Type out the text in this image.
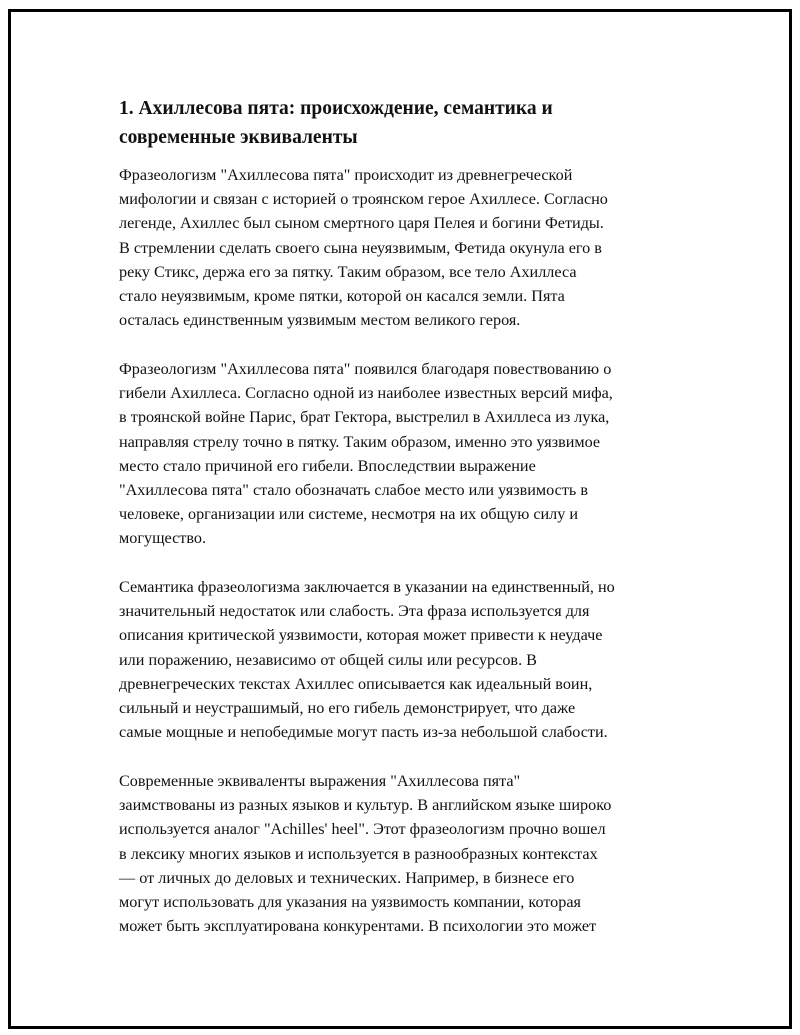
1. Ахиллесова пята: происхождение, семантика и
современные эквиваленты

Фразеологизм "Ахиллесова пята" происходит из древнегреческой
мифологии и связан с историей о троянском герое Ахиллесе. Согласно
легенде, Ахиллес был сыном смертного царя Пелея и богини Фетиды.
В стремлении сделать своего сына неуязвимым, Фетида окунула его в
реку Стикс, держа его за пятку. Таким образом, все тело Ахиллеса
стало неуязвимым, кроме пятки, которой он касался земли. Пята
осталась единственным уязвимым местом великого героя.

Фразеологизм "Ахиллесова пята" появился благодаря повествованию о
гибели Ахиллеса. Согласно одной из наиболее известных версий мифа,
в троянской войне Парис, брат Гектора, выстрелил в Ахиллеса из лука,
направляя стрелу точно в пятку. Таким образом, именно это уязвимое
место стало причиной его гибели. Впоследствии выражение
"Ахиллесова пята" стало обозначать слабое место или уязвимость в
человеке, организации или системе, несмотря на их общую силу и
могущество.

Семантика фразеологизма заключается в указании на единственный, но
значительный недостаток или слабость. Эта фраза используется для
описания критической уязвимости, которая может привести к неудаче
или поражению, независимо от общей силы или ресурсов. В
древнегреческих текстах Ахиллес описывается как идеальный воин,
сильный и неустрашимый, но его гибель демонстрирует, что даже
самые мощные и непобедимые могут пасть из-за небольшой слабости.

Современные эквиваленты выражения "Ахиллесова пята"
заимствованы из разных языков и культур. В английском языке широко
используется аналог "Achilles' heel". Этот фразеологизм прочно вошел
в лексику многих языков и используется в разнообразных контекстах
— от личных до деловых и технических. Например, в бизнесе его
могут использовать для указания на уязвимость компании, которая
может быть эксплуатирована конкурентами. В психологии это может
